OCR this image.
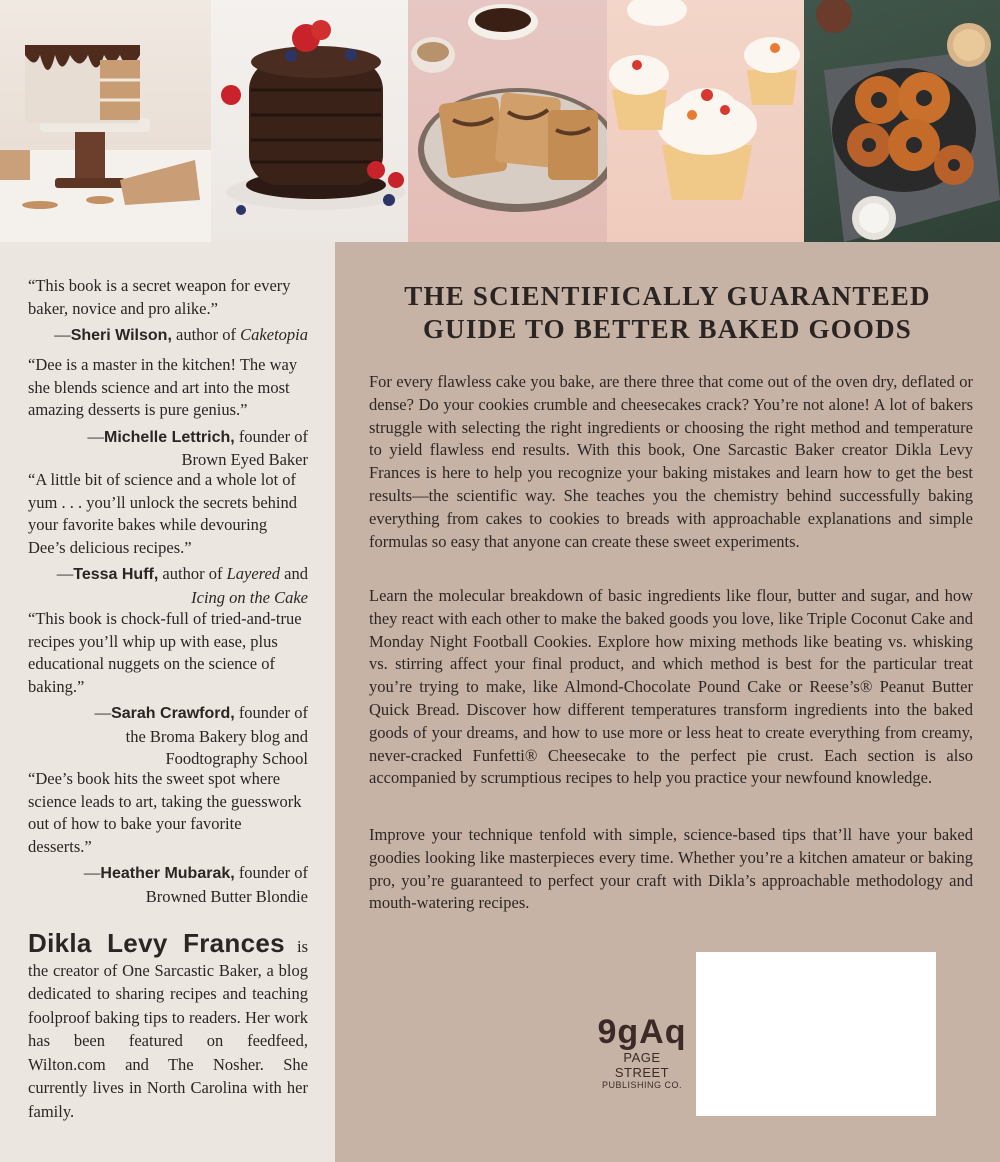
“This book is a secret weapon for every baker, novice and pro alike.”

—Sheri Wilson, author of Caketopia

“Dee is a master in the kitchen! The way she blends science and art into the most amazing desserts is pure genius.”

—Michelle Lettrich, founder of
Brown Eyed Baker

“A little bit of science and a whole lot of yum . . . you’ll unlock the secrets behind your favorite bakes while devouring Dee’s delicious recipes.”

—Tessa Huff, author of Layered and
Icing on the Cake

“This book is chock-full of tried-and-true recipes you’ll whip up with ease, plus educational nuggets on the science of baking.”

—Sarah Crawford, founder of
the Broma Bakery blog and
Foodtography School

“Dee’s book hits the sweet spot where science leads to art, taking the guesswork out of how to bake your favorite desserts.”

—Heather Mubarak, founder of
Browned Butter Blondie
Dikla Levy Frances is the creator of One Sarcastic Baker, a blog dedicated to sharing recipes and teaching foolproof baking tips to readers. Her work has been featured on feedfeed, Wilton.com and The Nosher. She currently lives in North Carolina with her family.
THE SCIENTIFICALLY GUARANTEED
GUIDE TO BETTER BAKED GOODS

For every flawless cake you bake, are there three that come out of the oven dry, deflated or dense? Do your cookies crumble and cheesecakes crack? You’re not alone! A lot of bakers struggle with selecting the right ingredients or choosing the right method and temperature to yield flawless end results. With this book, One Sarcastic Baker creator Dikla Levy Frances is here to help you recognize your baking mistakes and learn how to get the best results—the scientific way. She teaches you the chemistry behind successfully baking everything from cakes to cookies to breads with approachable explanations and simple formulas so easy that anyone can create these sweet experiments.

Learn the molecular breakdown of basic ingredients like flour, butter and sugar, and how they react with each other to make the baked goods you love, like Triple Coconut Cake and Monday Night Football Cookies. Explore how mixing methods like beating vs. whisking vs. stirring affect your final product, and which method is best for the particular treat you’re trying to make, like Almond-Chocolate Pound Cake or Reese’s® Peanut Butter Quick Bread. Discover how different temperatures transform ingredients into the baked goods of your dreams, and how to use more or less heat to create everything from creamy, never-cracked Funfetti® Cheesecake to the perfect pie crust. Each section is also accompanied by scrumptious recipes to help you practice your newfound knowledge.

Improve your technique tenfold with simple, science-based tips that’ll have your baked goodies looking like masterpieces every time. Whether you’re a kitchen amateur or baking pro, you’re guaranteed to perfect your craft with Dikla’s approachable methodology and mouth-watering recipes.

9gAq
PAGE STREET
PUBLISHING CO.
